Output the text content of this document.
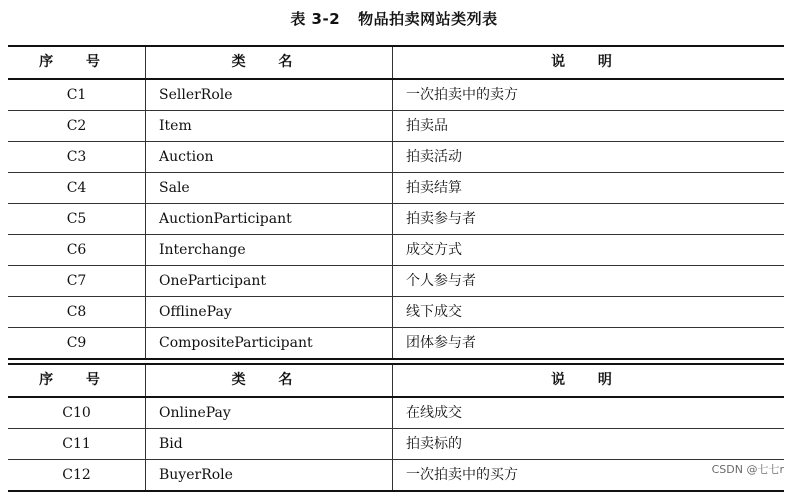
表 3-2 物品拍卖网站类列表
序 号	类 名	说 明
C1	SellerRole	一次拍卖中的卖方
C2	Item	拍卖品
C3	Auction	拍卖活动
C4	Sale	拍卖结算
C5	AuctionParticipant	拍卖参与者
C6	Interchange	成交方式
C7	OneParticipant	个人参与者
C8	OfflinePay	线下成交
C9	CompositeParticipant	团体参与者
序 号	类 名	说 明
C10	OnlinePay	在线成交
C11	Bid	拍卖标的
C12	BuyerRole	一次拍卖中的买方	CSDN @七七r
